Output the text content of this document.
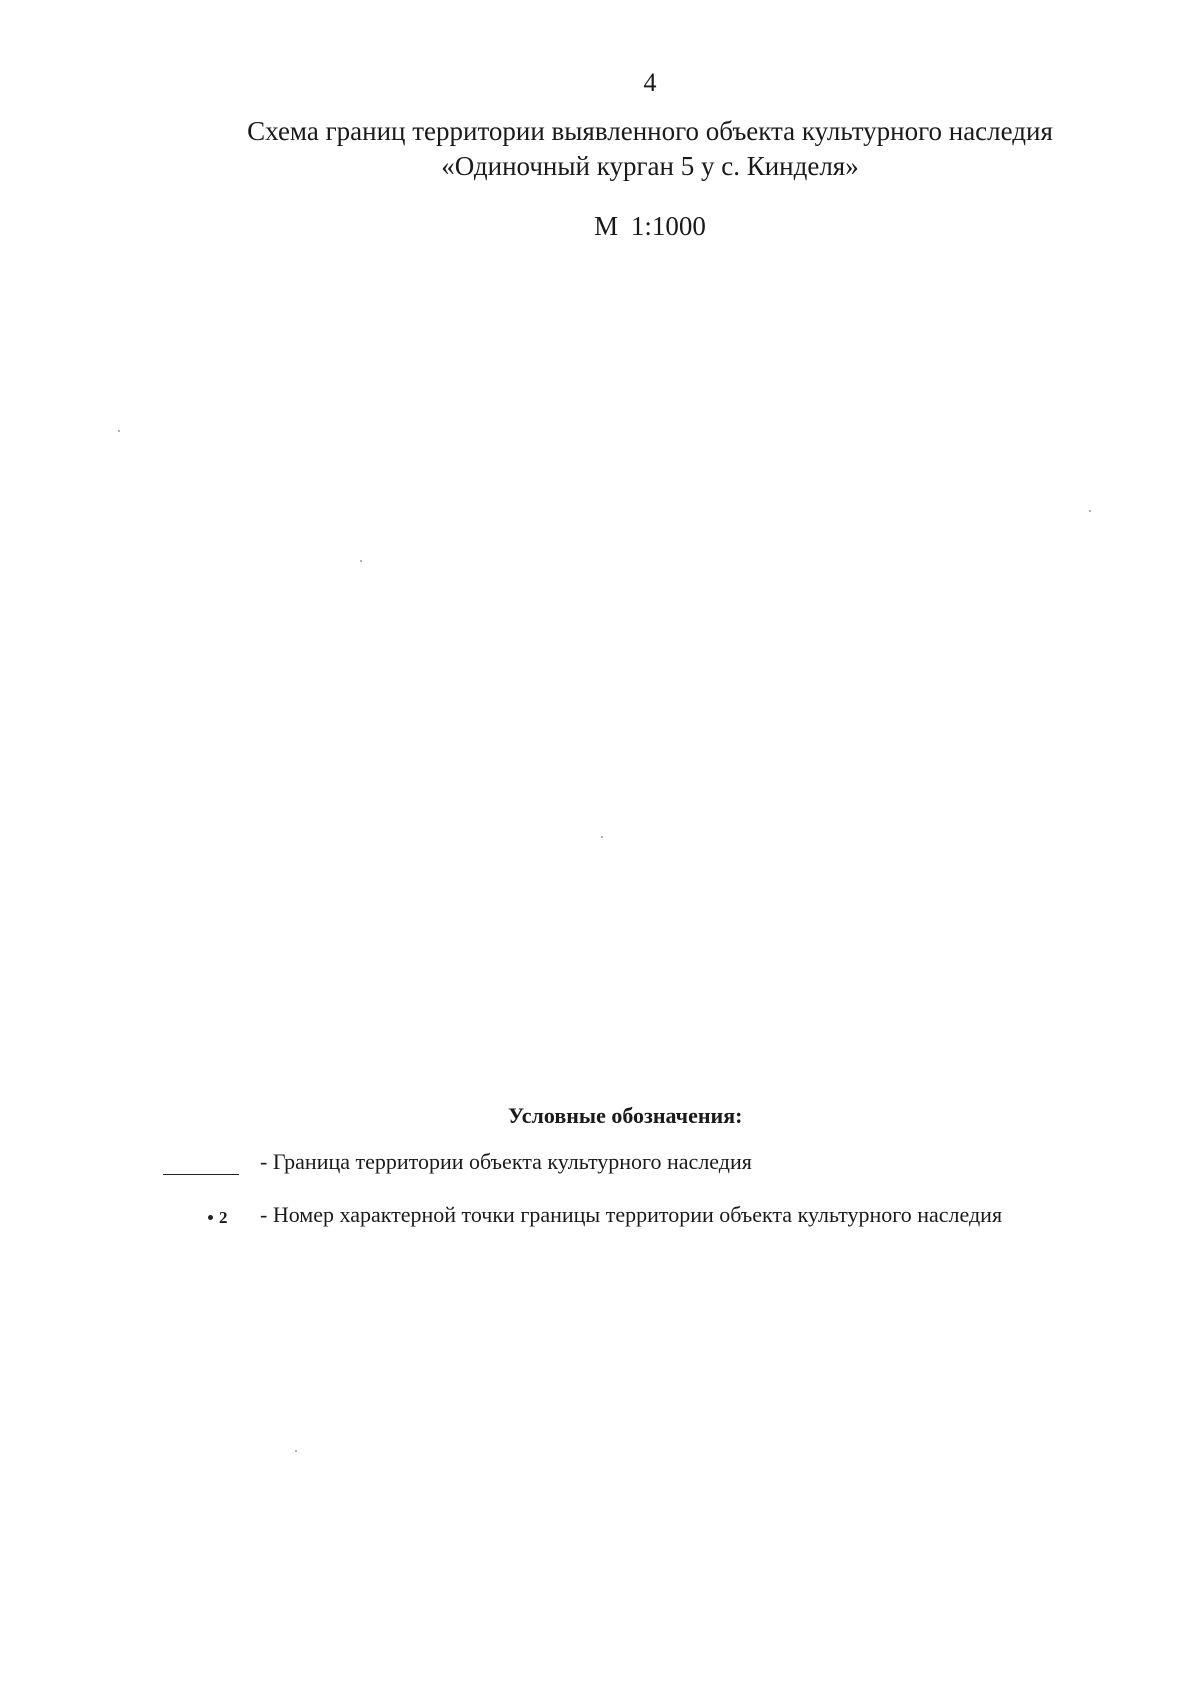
4
Схема границ территории выявленного объекта культурного наследия
«Одиночный курган 5 у с. Кинделя»
М 1:1000
Условные обозначения:
- Граница территории объекта культурного наследия
2 - Номер характерной точки границы территории объекта культурного наследия
